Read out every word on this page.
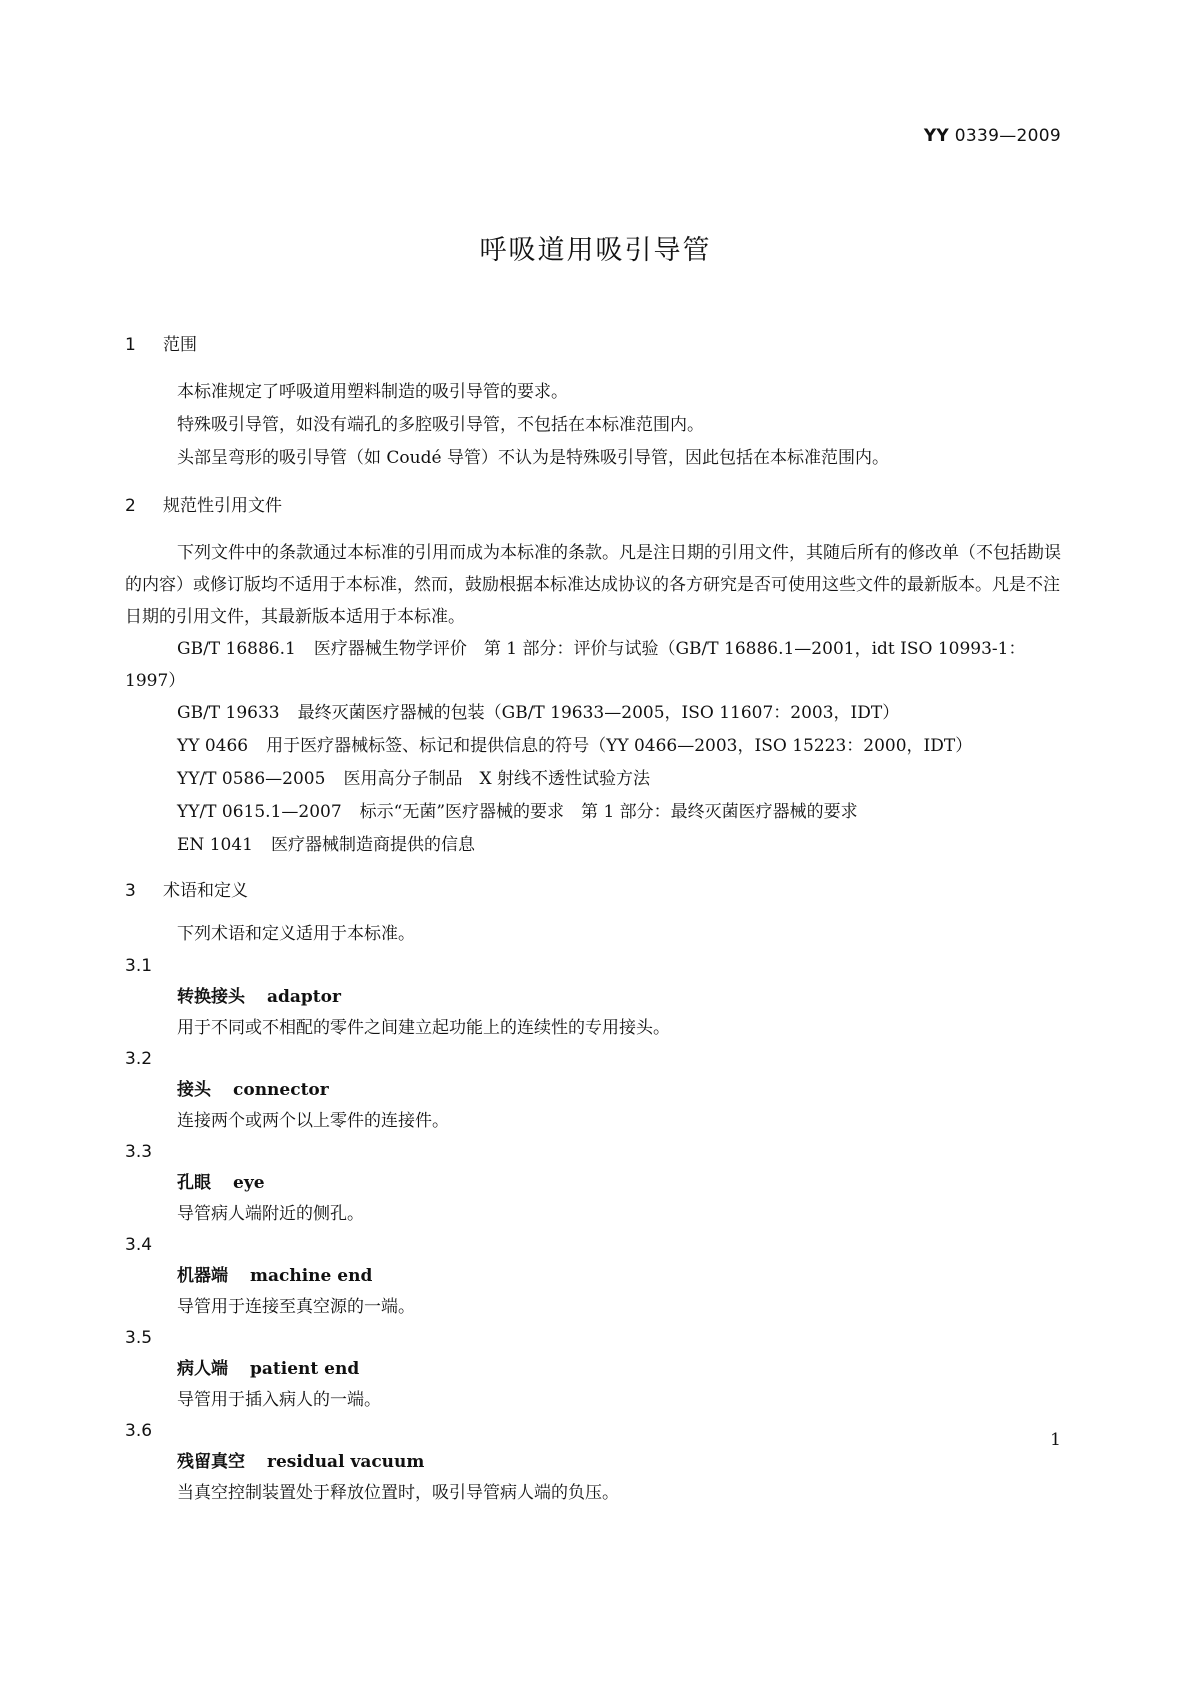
YY 0339—2009
呼吸道用吸引导管
1 范围

本标准规定了呼吸道用塑料制造的吸引导管的要求。

特殊吸引导管，如没有端孔的多腔吸引导管，不包括在本标准范围内。

头部呈弯形的吸引导管（如 Coudé 导管）不认为是特殊吸引导管，因此包括在本标准范围内。

2 规范性引用文件

下列文件中的条款通过本标准的引用而成为本标准的条款。凡是注日期的引用文件，其随后所有的修改单（不包括勘误的内容）或修订版均不适用于本标准，然而，鼓励根据本标准达成协议的各方研究是否可使用这些文件的最新版本。凡是不注日期的引用文件，其最新版本适用于本标准。

GB/T 16886.1 医疗器械生物学评价　第 1 部分：评价与试验（GB/T 16886.1—2001，idt ISO 10993-1：1997）

GB/T 19633 最终灭菌医疗器械的包装（GB/T 19633—2005，ISO 11607：2003，IDT）

YY 0466 用于医疗器械标签、标记和提供信息的符号（YY 0466—2003，ISO 15223：2000，IDT）

YY/T 0586—2005 医用高分子制品　X 射线不透性试验方法

YY/T 0615.1—2007 标示“无菌”医疗器械的要求　第 1 部分：最终灭菌医疗器械的要求

EN 1041 医疗器械制造商提供的信息

3 术语和定义

下列术语和定义适用于本标准。

3.1
转换接头 adaptor
用于不同或不相配的零件之间建立起功能上的连续性的专用接头。
3.2
接头 connector
连接两个或两个以上零件的连接件。
3.3
孔眼 eye
导管病人端附近的侧孔。
3.4
机器端 machine end
导管用于连接至真空源的一端。
3.5
病人端 patient end
导管用于插入病人的一端。
3.6
残留真空 residual vacuum
当真空控制装置处于释放位置时，吸引导管病人端的负压。
1
